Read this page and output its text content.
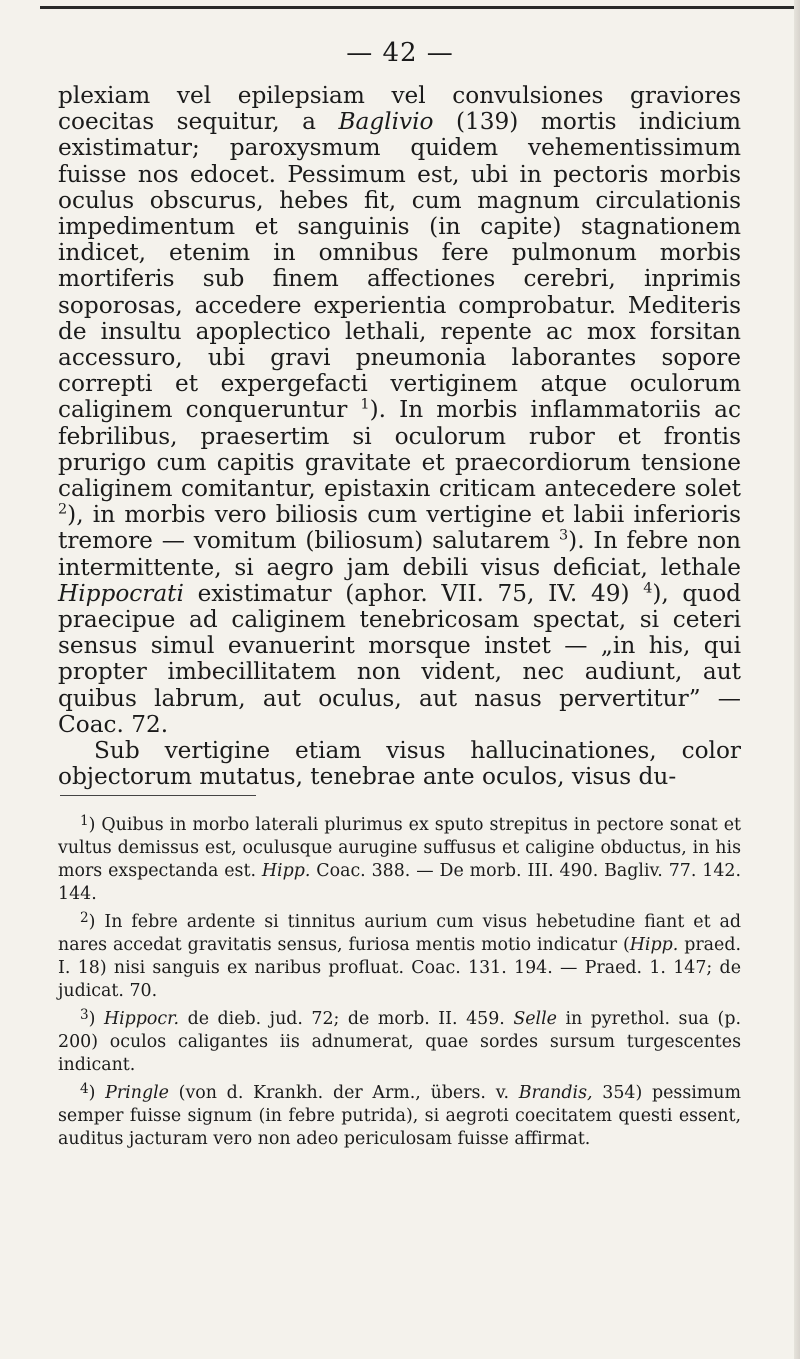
— 42 —

plexiam vel epilepsiam vel convulsiones graviores coecitas sequitur, a Baglivio (139) mortis indicium existimatur; paroxysmum quidem vehementissimum fuisse nos edocet. Pessimum est, ubi in pectoris morbis oculus obscurus, hebes fit, cum magnum circulationis impedimentum et sanguinis (in capite) stagnationem indicet, etenim in omnibus fere pulmonum morbis mortiferis sub finem affectiones cerebri, inprimis soporosas, accedere experientia comprobatur. Mediteris de insultu apoplectico lethali, repente ac mox forsitan accessuro, ubi gravi pneumonia laborantes sopore correpti et expergefacti vertiginem atque oculorum caliginem conqueruntur $^1$). In morbis inflammatoriis ac febrilibus, praesertim si oculorum rubor et frontis prurigo cum capitis gravitate et praecordiorum tensione caliginem comitantur, epistaxin criticam antecedere solet $^2$), in morbis vero biliosis cum vertigine et labii inferioris tremore — vomitum (biliosum) salutarem $^3$). In febre non intermittente, si aegro jam debili visus deficiat, lethale Hippocrati existimatur (aphor. VII. 75, IV. 49) $^4$), quod praecipue ad caliginem tenebricosam spectat, si ceteri sensus simul evanuerint morsque instet — „in his, qui propter imbecillitatem non vident, nec audiunt, aut quibus labrum, aut oculus, aut nasus pervertitur” — Coac. 72.

Sub vertigine etiam visus hallucinationes, color objectorum mutatus, tenebrae ante oculos, visus du-

$^1$) Quibus in morbo laterali plurimus ex sputo strepitus in pectore sonat et vultus demissus est, oculusque aurugine suffusus et caligine obductus, in his mors exspectanda est. Hipp. Coac. 388. — De morb. III. 490. Bagliv. 77. 142. 144.

$^2$) In febre ardente si tinnitus aurium cum visus hebetudine fiant et ad nares accedat gravitatis sensus, furiosa mentis motio indicatur (Hipp. praed. I. 18) nisi sanguis ex naribus profluat. Coac. 131. 194. — Praed. 1. 147; de judicat. 70.

$^3$) Hippocr. de dieb. jud. 72; de morb. II. 459. Selle in pyrethol. sua (p. 200) oculos caligantes iis adnumerat, quae sordes sursum turgescentes indicant.

$^4$) Pringle (von d. Krankh. der Arm., übers. v. Brandis, 354) pessimum semper fuisse signum (in febre putrida), si aegroti coecitatem questi essent, auditus jacturam vero non adeo periculosam fuisse affirmat.
